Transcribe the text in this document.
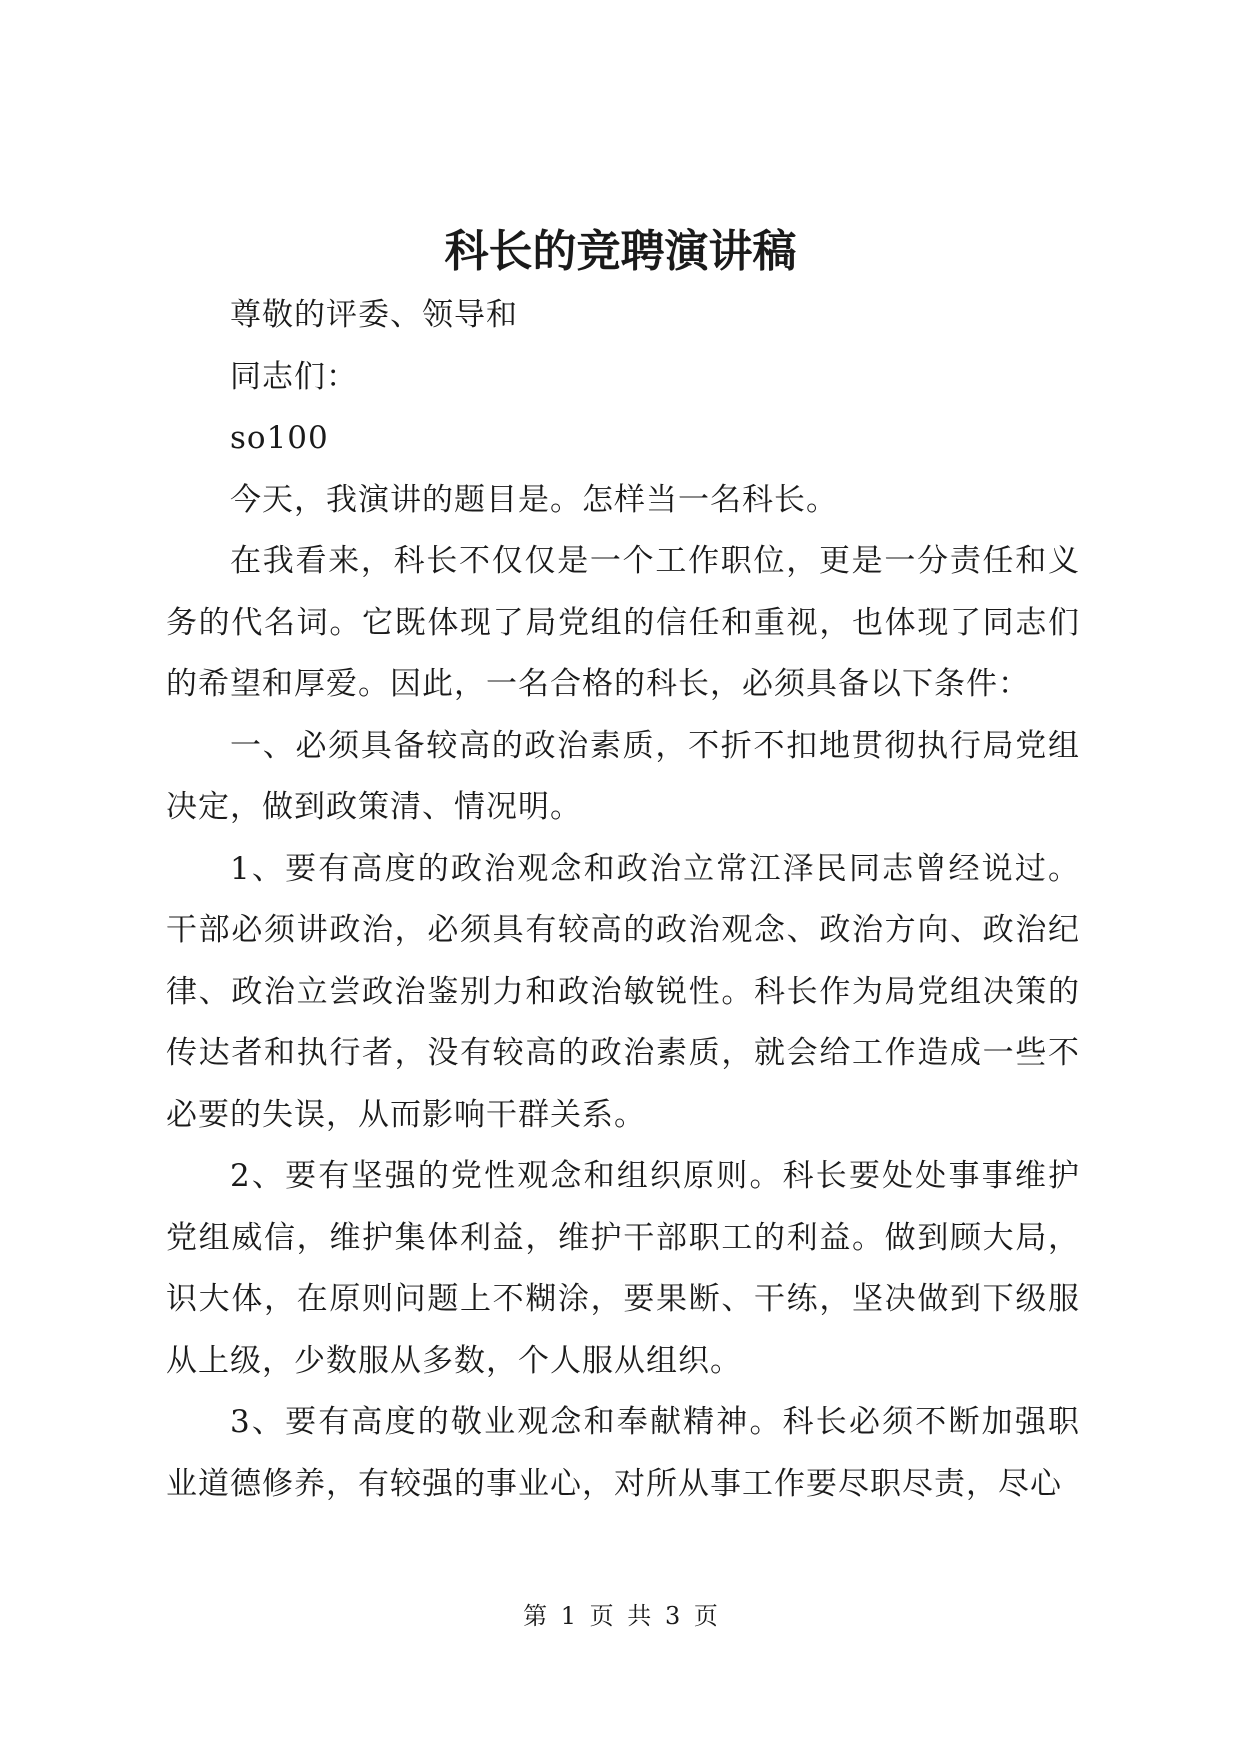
科长的竞聘演讲稿

尊敬的评委、领导和

同志们：

so100

今天，我演讲的题目是。怎样当一名科长。

在我看来，科长不仅仅是一个工作职位，更是一分责任和义务的代名词。它既体现了局党组的信任和重视，也体现了同志们的希望和厚爱。因此，一名合格的科长，必须具备以下条件：

一、必须具备较高的政治素质，不折不扣地贯彻执行局党组决定，做到政策清、情况明。

1、要有高度的政治观念和政治立常江泽民同志曾经说过。干部必须讲政治，必须具有较高的政治观念、政治方向、政治纪律、政治立尝政治鉴别力和政治敏锐性。科长作为局党组决策的传达者和执行者，没有较高的政治素质，就会给工作造成一些不必要的失误，从而影响干群关系。

2、要有坚强的党性观念和组织原则。科长要处处事事维护党组威信，维护集体利益，维护干部职工的利益。做到顾大局，识大体，在原则问题上不糊涂，要果断、干练，坚决做到下级服从上级，少数服从多数，个人服从组织。

3、要有高度的敬业观念和奉献精神。科长必须不断加强职业道德修养，有较强的事业心，对所从事工作要尽职尽责，尽心

第 1 页 共 3 页
